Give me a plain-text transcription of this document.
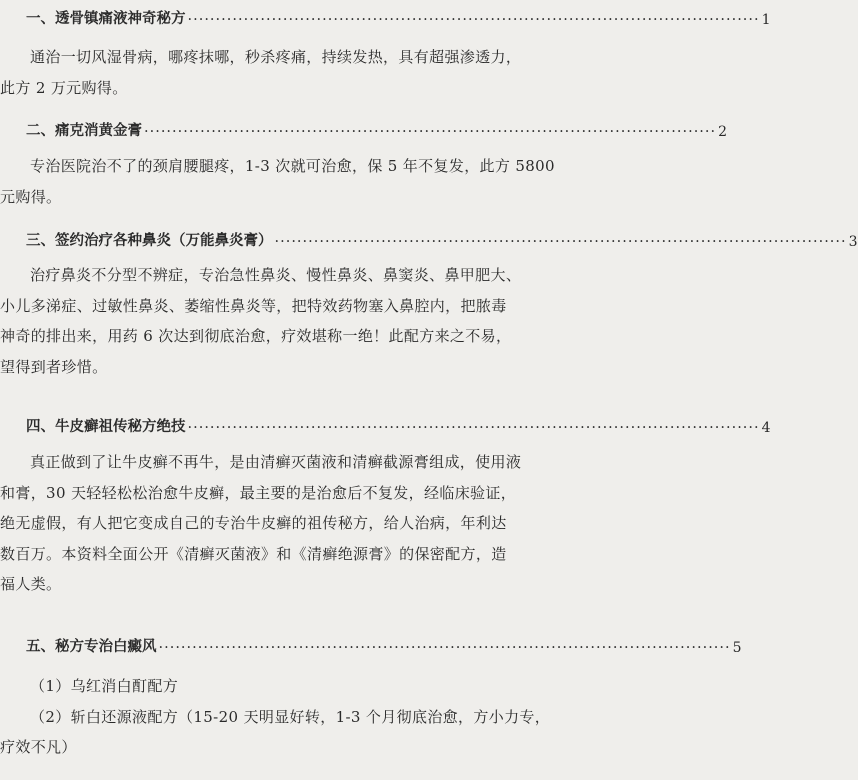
一、 透骨镇痛液神奇秘方 ······································································································ 1
通治一切风湿骨病，哪疼抹哪，秒杀疼痛，持续发热，具有超强渗透力，
此方 2 万元购得。
二、 痛克消黄金膏 ······································································································ 2
专治医院治不了的颈肩腰腿疼，1-3 次就可治愈，保 5 年不复发，此方 5800
元购得。
三、 签约治疗各种鼻炎（万能鼻炎膏） ······································································································ 3
治疗鼻炎不分型不辨症，专治急性鼻炎、慢性鼻炎、鼻窦炎、鼻甲肥大、
小儿多涕症、过敏性鼻炎、萎缩性鼻炎等，把特效药物塞入鼻腔内，把脓毒
神奇的排出来，用药 6 次达到彻底治愈，疗效堪称一绝！此配方来之不易，
望得到者珍惜。
四、 牛皮癣祖传秘方绝技 ······································································································ 4
真正做到了让牛皮癣不再牛，是由清癣灭菌液和清癣截源膏组成，使用液
和膏，30 天轻轻松松治愈牛皮癣，最主要的是治愈后不复发，经临床验证，
绝无虚假，有人把它变成自己的专治牛皮癣的祖传秘方，给人治病，年利达
数百万。本资料全面公开《清癣灭菌液》和《清癣绝源膏》的保密配方，造
福人类。
五、 秘方专治白癜风 ······································································································ 5
（1）乌红消白酊配方
（2）斩白还源液配方（15-20 天明显好转，1-3 个月彻底治愈，方小力专，
疗效不凡）
